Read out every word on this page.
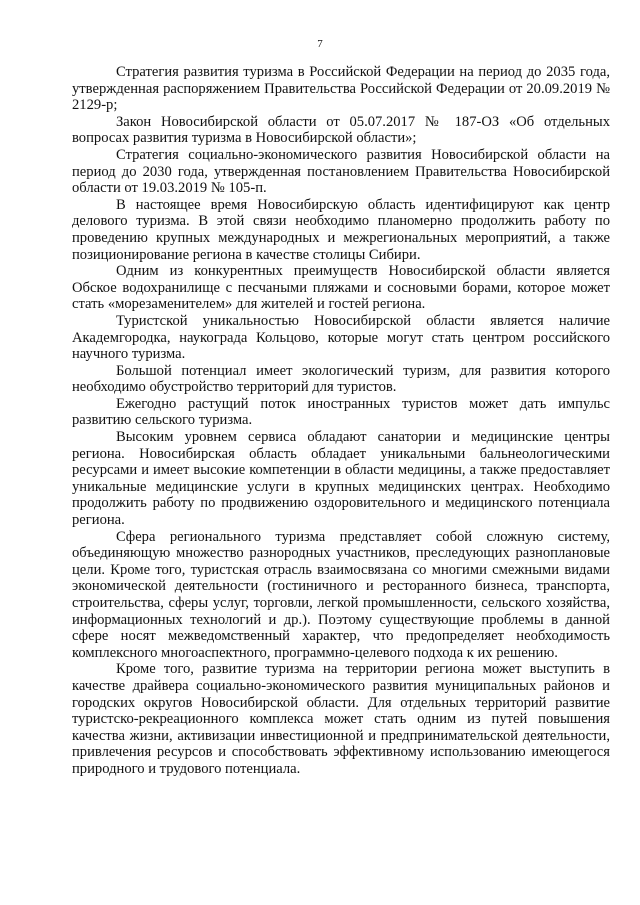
7

Стратегия развития туризма в Российской Федерации на период до 2035 года, утвержденная распоряжением Правительства Российской Федерации от 20.09.2019 № 2129-р;

Закон Новосибирской области от 05.07.2017 № 187-ОЗ «Об отдельных вопросах развития туризма в Новосибирской области»;

Стратегия социально-экономического развития Новосибирской области на период до 2030 года, утвержденная постановлением Правительства Новосибирской области от 19.03.2019 № 105-п.

В настоящее время Новосибирскую область идентифицируют как центр делового туризма. В этой связи необходимо планомерно продолжить работу по проведению крупных международных и межрегиональных мероприятий, а также позиционирование региона в качестве столицы Сибири.

Одним из конкурентных преимуществ Новосибирской области является Обское водохранилище с песчаными пляжами и сосновыми борами, которое может стать «морезаменителем» для жителей и гостей региона.

Туристской уникальностью Новосибирской области является наличие Академгородка, наукограда Кольцово, которые могут стать центром российского научного туризма.

Большой потенциал имеет экологический туризм, для развития которого необходимо обустройство территорий для туристов.

Ежегодно растущий поток иностранных туристов может дать импульс развитию сельского туризма.

Высоким уровнем сервиса обладают санатории и медицинские центры региона. Новосибирская область обладает уникальными бальнеологическими ресурсами и имеет высокие компетенции в области медицины, а также предоставляет уникальные медицинские услуги в крупных медицинских центрах. Необходимо продолжить работу по продвижению оздоровительного и медицинского потенциала региона.

Сфера регионального туризма представляет собой сложную систему, объединяющую множество разнородных участников, преследующих разноплановые цели. Кроме того, туристская отрасль взаимосвязана со многими смежными видами экономической деятельности (гостиничного и ресторанного бизнеса, транспорта, строительства, сферы услуг, торговли, легкой промышленности, сельского хозяйства, информационных технологий и др.). Поэтому существующие проблемы в данной сфере носят межведомственный характер, что предопределяет необходимость комплексного многоаспектного, программно-целевого подхода к их решению.

Кроме того, развитие туризма на территории региона может выступить в качестве драйвера социально-экономического развития муниципальных районов и городских округов Новосибирской области. Для отдельных территорий развитие туристско-рекреационного комплекса может стать одним из путей повышения качества жизни, активизации инвестиционной и предпринимательской деятельности, привлечения ресурсов и способствовать эффективному использованию имеющегося природного и трудового потенциала.
